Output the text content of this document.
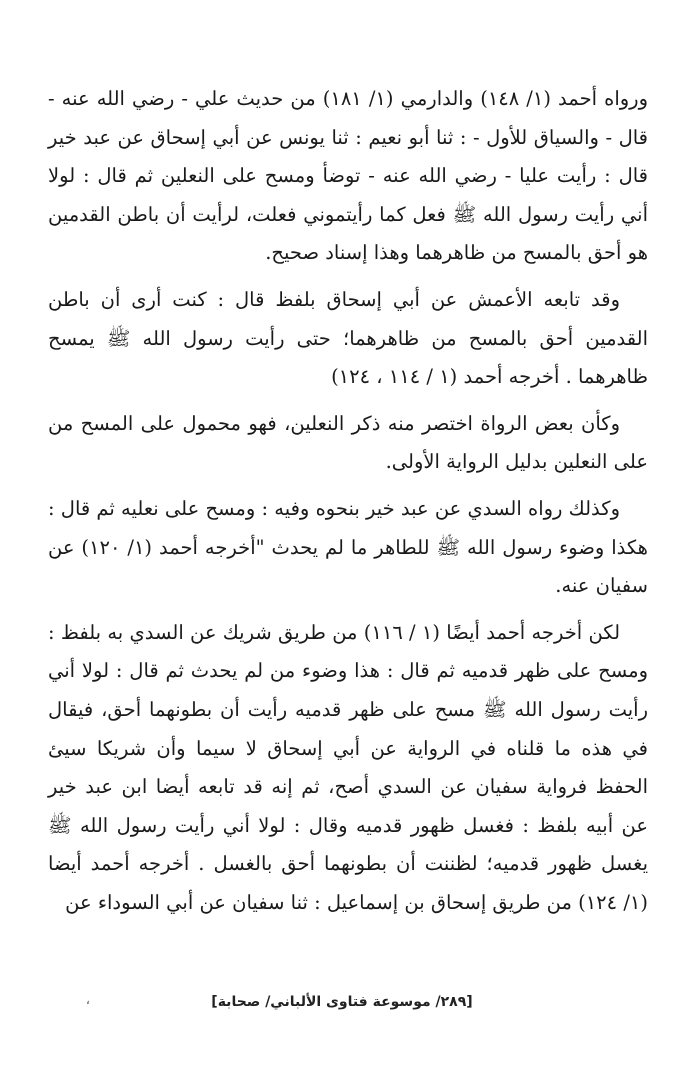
ورواه أحمد (١/ ١٤٨) والدارمي (١/ ١٨١) من حديث علي - رضي الله عنه - قال - والسياق للأول - : ثنا أبو نعيم : ثنا يونس عن أبي إسحاق عن عبد خير قال : رأيت عليا - رضي الله عنه - توضأ ومسح على النعلين ثم قال : لولا أني رأيت رسول الله ﷺ فعل كما رأيتموني فعلت، لرأيت أن باطن القدمين هو أحق بالمسح من ظاهرهما وهذا إسناد صحيح.

وقد تابعه الأعمش عن أبي إسحاق بلفظ قال : كنت أرى أن باطن القدمين أحق بالمسح من ظاهرهما؛ حتى رأيت رسول الله ﷺ يمسح ظاهرهما . أخرجه أحمد (١ / ١١٤ ، ١٢٤)

وكأن بعض الرواة اختصر منه ذكر النعلين، فهو محمول على المسح من على النعلين بدليل الرواية الأولى.

وكذلك رواه السدي عن عبد خير بنحوه وفيه : ومسح على نعليه ثم قال : هكذا وضوء رسول الله ﷺ للطاهر ما لم يحدث "أخرجه أحمد (١/ ١٢٠) عن سفيان عنه.

لكن أخرجه أحمد أيضًا (١ / ١١٦) من طريق شريك عن السدي به بلفظ : ومسح على ظهر قدميه ثم قال : هذا وضوء من لم يحدث ثم قال : لولا أني رأيت رسول الله ﷺ مسح على ظهر قدميه رأيت أن بطونهما أحق، فيقال في هذه ما قلناه في الرواية عن أبي إسحاق لا سيما وأن شريكا سيئ الحفظ فرواية سفيان عن السدي أصح، ثم إنه قد تابعه أيضا ابن عبد خير عن أبيه بلفظ : فغسل ظهور قدميه وقال : لولا أني رأيت رسول الله ﷺ يغسل ظهور قدميه؛ لظننت أن بطونهما أحق بالغسل . أخرجه أحمد أيضا (١/ ١٢٤) من طريق إسحاق بن إسماعيل : ثنا سفيان عن أبي السوداء عن

[٢٨٩/ موسوعة فتاوى الألباني/ صحابة]
،
